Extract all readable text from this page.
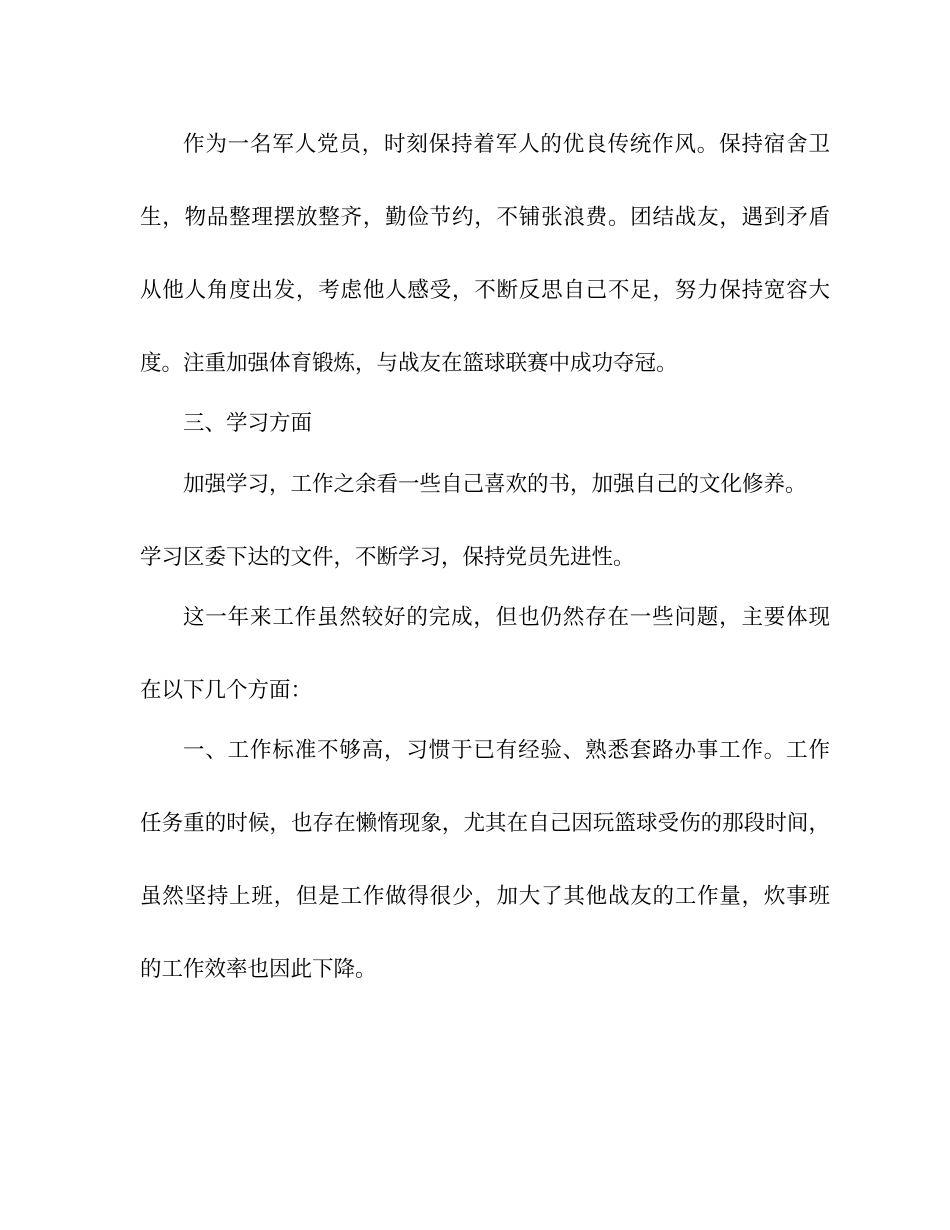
作为一名军人党员，时刻保持着军人的优良传统作风。保持宿舍卫
生，物品整理摆放整齐，勤俭节约，不铺张浪费。团结战友，遇到矛盾
从他人角度出发，考虑他人感受，不断反思自己不足，努力保持宽容大
度。注重加强体育锻炼，与战友在篮球联赛中成功夺冠。
三、学习方面
加强学习，工作之余看一些自己喜欢的书，加强自己的文化修养。
学习区委下达的文件，不断学习，保持党员先进性。
这一年来工作虽然较好的完成，但也仍然存在一些问题，主要体现
在以下几个方面：
一、工作标准不够高，习惯于已有经验、熟悉套路办事工作。工作
任务重的时候，也存在懒惰现象，尤其在自己因玩篮球受伤的那段时间，
虽然坚持上班，但是工作做得很少，加大了其他战友的工作量，炊事班
的工作效率也因此下降。
